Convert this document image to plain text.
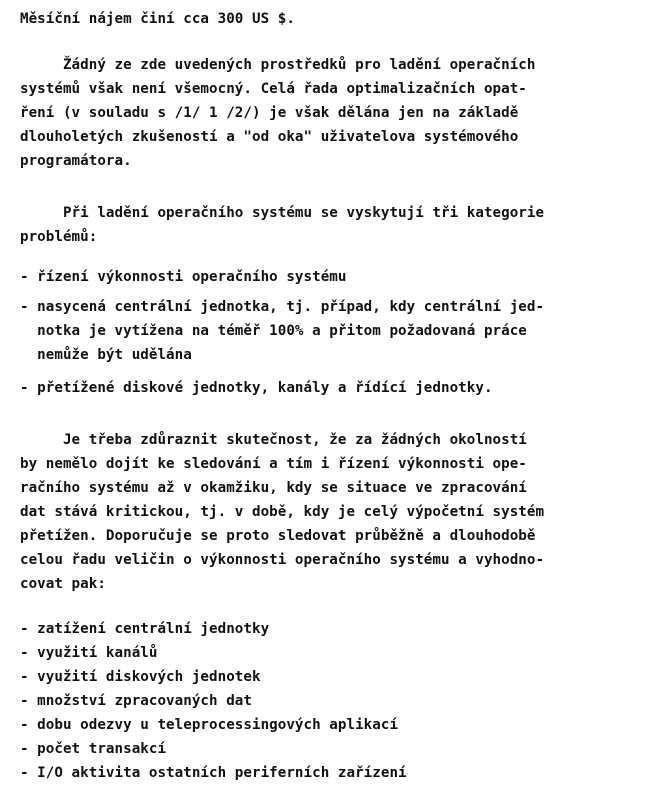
Měsíční nájem činí cca 300 US $.
Žádný ze zde uvedených prostředků pro ladění operačních
systémů však není všemocný. Celá řada optimalizačních opat-
ření (v souladu s /1/ 1 /2/) je však dělána jen na základě
dlouholetých zkušeností a "od oka" uživatelova systémového
programátora.
Při ladění operačního systému se vyskytují tři kategorie
problémů:
- řízení výkonnosti operačního systému
- nasycená centrální jednotka, tj. případ, kdy centrální jed-
notka je vytížena na téměř 100% a přitom požadovaná práce
nemůže být udělána
- přetížené diskové jednotky, kanály a řídící jednotky.
Je třeba zdůraznit skutečnost, že za žádných okolností
by nemělo dojít ke sledování a tím i řízení výkonnosti ope-
račního systému až v okamžiku, kdy se situace ve zpracování
dat stává kritickou, tj. v době, kdy je celý výpočetní systém
přetížen. Doporučuje se proto sledovat průběžně a dlouhodobě
celou řadu veličin o výkonnosti operačního systému a vyhodno-
covat pak:
- zatížení centrální jednotky
- využití kanálů
- využití diskových jednotek
- množství zpracovaných dat
- dobu odezvy u teleprocessingových aplikací
- počet transakcí
- I/O aktivita ostatních periferních zařízení
